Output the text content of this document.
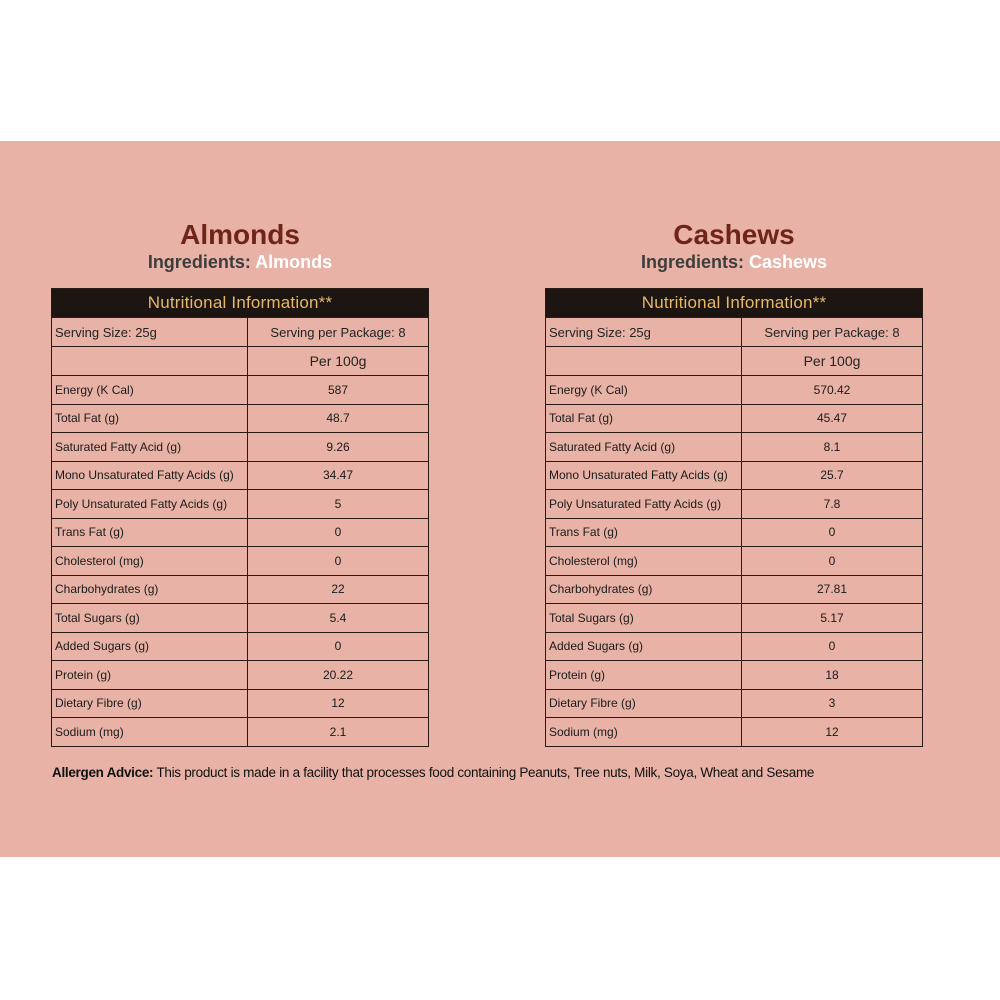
Almonds
Ingredients: Almonds
Nutritional Information**	
Serving Size: 25g	Serving per Package: 8
	Per 100g
Energy (K Cal)	587
Total Fat (g)	48.7
Saturated Fatty Acid (g)	9.26
Mono Unsaturated Fatty Acids (g)	34.47
Poly Unsaturated Fatty Acids (g)	5
Trans Fat (g)	0
Cholesterol (mg)	0
Charbohydrates (g)	22
Total Sugars (g)	5.4
Added Sugars (g)	0
Protein (g)	20.22
Dietary Fibre (g)	12
Sodium (mg)	2.1
Cashews
Ingredients: Cashews
Nutritional Information**	
Serving Size: 25g	Serving per Package: 8
	Per 100g
Energy (K Cal)	570.42
Total Fat (g)	45.47
Saturated Fatty Acid (g)	8.1
Mono Unsaturated Fatty Acids (g)	25.7
Poly Unsaturated Fatty Acids (g)	7.8
Trans Fat (g)	0
Cholesterol (mg)	0
Charbohydrates (g)	27.81
Total Sugars (g)	5.17
Added Sugars (g)	0
Protein (g)	18
Dietary Fibre (g)	3
Sodium (mg)	12
Allergen Advice: This product is made in a facility that processes food containing Peanuts, Tree nuts, Milk, Soya, Wheat and Sesame
